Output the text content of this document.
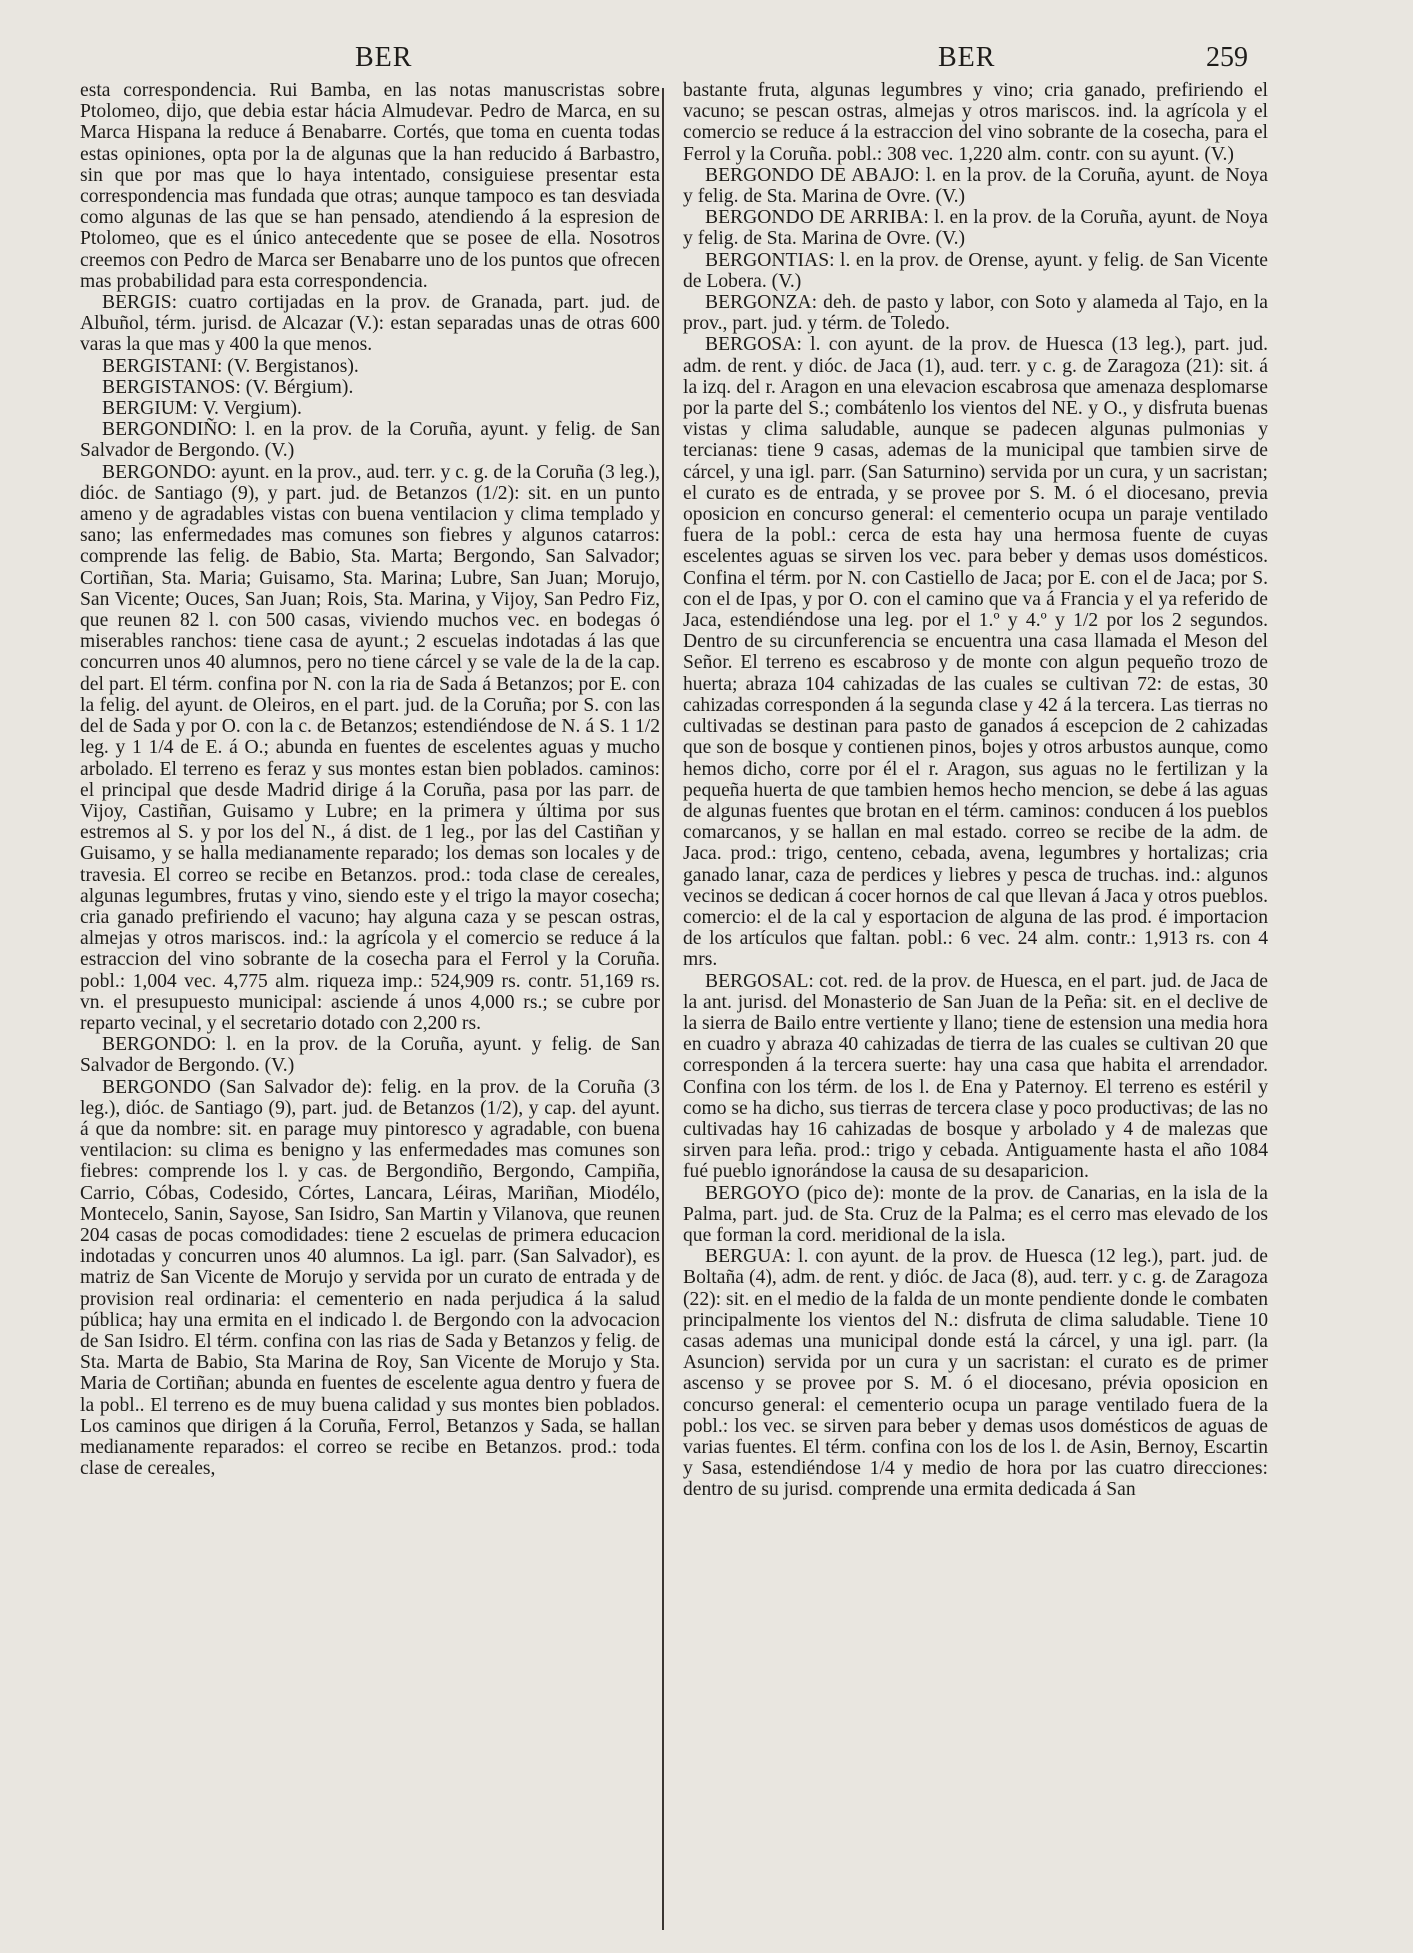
BER	BER	259

esta correspondencia. Rui Bamba, en las notas manuscristas sobre Ptolomeo, dijo, que debia estar hácia Almudevar. Pedro de Marca, en su Marca Hispana la reduce á Benabarre. Cortés, que toma en cuenta todas estas opiniones, opta por la de algunas que la han reducido á Barbastro, sin que por mas que lo haya intentado, consiguiese presentar esta correspondencia mas fundada que otras; aunque tampoco es tan desviada como algunas de las que se han pensado, atendiendo á la espresion de Ptolomeo, que es el único antecedente que se posee de ella. Nosotros creemos con Pedro de Marca ser Benabarre uno de los puntos que ofrecen mas probabilidad para esta correspondencia.

BERGIS: cuatro cortijadas en la prov. de Granada, part. jud. de Albuñol, térm. jurisd. de Alcazar (V.): estan separadas unas de otras 600 varas la que mas y 400 la que menos.

BERGISTANI: (V. Bergistanos).

BERGISTANOS: (V. Bérgium).

BERGIUM: V. Vergium).

BERGONDIÑO: l. en la prov. de la Coruña, ayunt. y felig. de San Salvador de Bergondo. (V.)

BERGONDO: ayunt. en la prov., aud. terr. y c. g. de la Coruña (3 leg.), dióc. de Santiago (9), y part. jud. de Betanzos (1/2): sit. en un punto ameno y de agradables vistas con buena ventilacion y clima templado y sano; las enfermedades mas comunes son fiebres y algunos catarros: comprende las felig. de Babio, Sta. Marta; Bergondo, San Salvador; Cortiñan, Sta. Maria; Guisamo, Sta. Marina; Lubre, San Juan; Morujo, San Vicente; Ouces, San Juan; Rois, Sta. Marina, y Vijoy, San Pedro Fiz, que reunen 82 l. con 500 casas, viviendo muchos vec. en bodegas ó miserables ranchos: tiene casa de ayunt.; 2 escuelas indotadas á las que concurren unos 40 alumnos, pero no tiene cárcel y se vale de la de la cap. del part. El térm. confina por N. con la ria de Sada á Betanzos; por E. con la felig. del ayunt. de Oleiros, en el part. jud. de la Coruña; por S. con las del de Sada y por O. con la c. de Betanzos; estendiéndose de N. á S. 1 1/2 leg. y 1 1/4 de E. á O.; abunda en fuentes de escelentes aguas y mucho arbolado. El terreno es feraz y sus montes estan bien poblados. caminos: el principal que desde Madrid dirige á la Coruña, pasa por las parr. de Vijoy, Castiñan, Guisamo y Lubre; en la primera y última por sus estremos al S. y por los del N., á dist. de 1 leg., por las del Castiñan y Guisamo, y se halla medianamente reparado; los demas son locales y de travesia. El correo se recibe en Betanzos. prod.: toda clase de cereales, algunas legumbres, frutas y vino, siendo este y el trigo la mayor cosecha; cria ganado prefiriendo el vacuno; hay alguna caza y se pescan ostras, almejas y otros mariscos. ind.: la agrícola y el comercio se reduce á la estraccion del vino sobrante de la cosecha para el Ferrol y la Coruña. pobl.: 1,004 vec. 4,775 alm. riqueza imp.: 524,909 rs. contr. 51,169 rs. vn. el presupuesto municipal: asciende á unos 4,000 rs.; se cubre por reparto vecinal, y el secretario dotado con 2,200 rs.

BERGONDO: l. en la prov. de la Coruña, ayunt. y felig. de San Salvador de Bergondo. (V.)

BERGONDO (San Salvador de): felig. en la prov. de la Coruña (3 leg.), dióc. de Santiago (9), part. jud. de Betanzos (1/2), y cap. del ayunt. á que da nombre: sit. en parage muy pintoresco y agradable, con buena ventilacion: su clima es benigno y las enfermedades mas comunes son fiebres: comprende los l. y cas. de Bergondiño, Bergondo, Campiña, Carrio, Cóbas, Codesido, Córtes, Lancara, Léiras, Mariñan, Miodélo, Montecelo, Sanin, Sayose, San Isidro, San Martin y Vilanova, que reunen 204 casas de pocas comodidades: tiene 2 escuelas de primera educacion indotadas y concurren unos 40 alumnos. La igl. parr. (San Salvador), es matriz de San Vicente de Morujo y servida por un curato de entrada y de provision real ordinaria: el cementerio en nada perjudica á la salud pública; hay una ermita en el indicado l. de Bergondo con la advocacion de San Isidro. El térm. confina con las rias de Sada y Betanzos y felig. de Sta. Marta de Babio, Sta Marina de Roy, San Vicente de Morujo y Sta. Maria de Cortiñan; abunda en fuentes de escelente agua dentro y fuera de la pobl.. El terreno es de muy buena calidad y sus montes bien poblados. Los caminos que dirigen á la Coruña, Ferrol, Betanzos y Sada, se hallan medianamente reparados: el correo se recibe en Betanzos. prod.: toda clase de cereales,

bastante fruta, algunas legumbres y vino; cria ganado, prefiriendo el vacuno; se pescan ostras, almejas y otros mariscos. ind. la agrícola y el comercio se reduce á la estraccion del vino sobrante de la cosecha, para el Ferrol y la Coruña. pobl.: 308 vec. 1,220 alm. contr. con su ayunt. (V.)

BERGONDO DE ABAJO: l. en la prov. de la Coruña, ayunt. de Noya y felig. de Sta. Marina de Ovre. (V.)

BERGONDO DE ARRIBA: l. en la prov. de la Coruña, ayunt. de Noya y felig. de Sta. Marina de Ovre. (V.)

BERGONTIAS: l. en la prov. de Orense, ayunt. y felig. de San Vicente de Lobera. (V.)

BERGONZA: deh. de pasto y labor, con Soto y alameda al Tajo, en la prov., part. jud. y térm. de Toledo.

BERGOSA: l. con ayunt. de la prov. de Huesca (13 leg.), part. jud. adm. de rent. y dióc. de Jaca (1), aud. terr. y c. g. de Zaragoza (21): sit. á la izq. del r. Aragon en una elevacion escabrosa que amenaza desplomarse por la parte del S.; combátenlo los vientos del NE. y O., y disfruta buenas vistas y clima saludable, aunque se padecen algunas pulmonias y tercianas: tiene 9 casas, ademas de la municipal que tambien sirve de cárcel, y una igl. parr. (San Saturnino) servida por un cura, y un sacristan; el curato es de entrada, y se provee por S. M. ó el diocesano, previa oposicion en concurso general: el cementerio ocupa un paraje ventilado fuera de la pobl.: cerca de esta hay una hermosa fuente de cuyas escelentes aguas se sirven los vec. para beber y demas usos domésticos. Confina el térm. por N. con Castiello de Jaca; por E. con el de Jaca; por S. con el de Ipas, y por O. con el camino que va á Francia y el ya referido de Jaca, estendiéndose una leg. por el 1.º y 4.º y 1/2 por los 2 segundos. Dentro de su circunferencia se encuentra una casa llamada el Meson del Señor. El terreno es escabroso y de monte con algun pequeño trozo de huerta; abraza 104 cahizadas de las cuales se cultivan 72: de estas, 30 cahizadas corresponden á la segunda clase y 42 á la tercera. Las tierras no cultivadas se destinan para pasto de ganados á escepcion de 2 cahizadas que son de bosque y contienen pinos, bojes y otros arbustos aunque, como hemos dicho, corre por él el r. Aragon, sus aguas no le fertilizan y la pequeña huerta de que tambien hemos hecho mencion, se debe á las aguas de algunas fuentes que brotan en el térm. caminos: conducen á los pueblos comarcanos, y se hallan en mal estado. correo se recibe de la adm. de Jaca. prod.: trigo, centeno, cebada, avena, legumbres y hortalizas; cria ganado lanar, caza de perdices y liebres y pesca de truchas. ind.: algunos vecinos se dedican á cocer hornos de cal que llevan á Jaca y otros pueblos. comercio: el de la cal y esportacion de alguna de las prod. é importacion de los artículos que faltan. pobl.: 6 vec. 24 alm. contr.: 1,913 rs. con 4 mrs.

BERGOSAL: cot. red. de la prov. de Huesca, en el part. jud. de Jaca de la ant. jurisd. del Monasterio de San Juan de la Peña: sit. en el declive de la sierra de Bailo entre vertiente y llano; tiene de estension una media hora en cuadro y abraza 40 cahizadas de tierra de las cuales se cultivan 20 que corresponden á la tercera suerte: hay una casa que habita el arrendador. Confina con los térm. de los l. de Ena y Paternoy. El terreno es estéril y como se ha dicho, sus tierras de tercera clase y poco productivas; de las no cultivadas hay 16 cahizadas de bosque y arbolado y 4 de malezas que sirven para leña. prod.: trigo y cebada. Antiguamente hasta el año 1084 fué pueblo ignorándose la causa de su desaparicion.

BERGOYO (pico de): monte de la prov. de Canarias, en la isla de la Palma, part. jud. de Sta. Cruz de la Palma; es el cerro mas elevado de los que forman la cord. meridional de la isla.

BERGUA: l. con ayunt. de la prov. de Huesca (12 leg.), part. jud. de Boltaña (4), adm. de rent. y dióc. de Jaca (8), aud. terr. y c. g. de Zaragoza (22): sit. en el medio de la falda de un monte pendiente donde le combaten principalmente los vientos del N.: disfruta de clima saludable. Tiene 10 casas ademas una municipal donde está la cárcel, y una igl. parr. (la Asuncion) servida por un cura y un sacristan: el curato es de primer ascenso y se provee por S. M. ó el diocesano, prévia oposicion en concurso general: el cementerio ocupa un parage ventilado fuera de la pobl.: los vec. se sirven para beber y demas usos domésticos de aguas de varias fuentes. El térm. confina con los de los l. de Asin, Bernoy, Escartin y Sasa, estendiéndose 1/4 y medio de hora por las cuatro direcciones: dentro de su jurisd. comprende una ermita dedicada á San
